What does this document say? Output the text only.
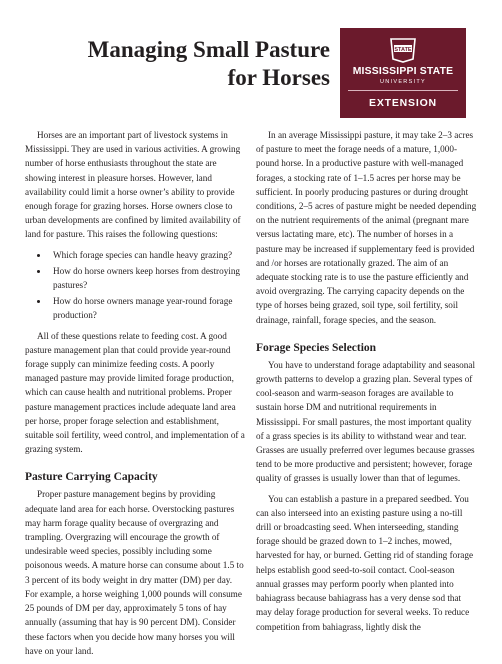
Managing Small Pasture
for Horses
STATE
MISSISSIPPI STATE
UNIVERSITY
EXTENSION

Horses are an important part of livestock systems in Mississippi. They are used in various activities. A growing number of horse enthusiasts throughout the state are showing interest in pleasure horses. However, land availability could limit a horse owner’s ability to provide enough forage for grazing horses. Horse owners close to urban developments are confined by limited availability of land for pasture. This raises the following questions:

• Which forage species can handle heavy grazing?
• How do horse owners keep horses from destroying pastures?
• How do horse owners manage year-round forage production?

All of these questions relate to feeding cost. A good pasture management plan that could provide year-round forage supply can minimize feeding costs. A poorly managed pasture may provide limited forage production, which can cause health and nutritional problems. Proper pasture management practices include adequate land area per horse, proper forage selection and establishment, suitable soil fertility, weed control, and implementation of a grazing system.

Pasture Carrying Capacity

Proper pasture management begins by providing adequate land area for each horse. Overstocking pastures may harm forage quality because of overgrazing and trampling. Overgrazing will encourage the growth of undesirable weed species, possibly including some poisonous weeds. A mature horse can consume about 1.5 to 3 percent of its body weight in dry matter (DM) per day. For example, a horse weighing 1,000 pounds will consume 25 pounds of DM per day, approximately 5 tons of hay annually (assuming that hay is 90 percent DM). Consider these factors when you decide how many horses you will have on your land.

In an average Mississippi pasture, it may take 2–3 acres of pasture to meet the forage needs of a mature, 1,000-pound horse. In a productive pasture with well-managed forages, a stocking rate of 1–1.5 acres per horse may be sufficient. In poorly producing pastures or during drought conditions, 2–5 acres of pasture might be needed depending on the nutrient requirements of the animal (pregnant mare versus lactating mare, etc). The number of horses in a pasture may be increased if supplementary feed is provided and /or horses are rotationally grazed. The aim of an adequate stocking rate is to use the pasture efficiently and avoid overgrazing. The carrying capacity depends on the type of horses being grazed, soil type, soil fertility, soil drainage, rainfall, forage species, and the season.

Forage Species Selection

You have to understand forage adaptability and seasonal growth patterns to develop a grazing plan. Several types of cool-season and warm-season forages are available to sustain horse DM and nutritional requirements in Mississippi. For small pastures, the most important quality of a grass species is its ability to withstand wear and tear. Grasses are usually preferred over legumes because grasses tend to be more productive and persistent; however, forage quality of grasses is usually lower than that of legumes.

You can establish a pasture in a prepared seedbed. You can also interseed into an existing pasture using a no-till drill or broadcasting seed. When interseeding, standing forage should be grazed down to 1–2 inches, mowed, harvested for hay, or burned. Getting rid of standing forage helps establish good seed-to-soil contact. Cool-season annual grasses may perform poorly when planted into bahiagrass because bahiagrass has a very dense sod that may delay forage production for several weeks. To reduce competition from bahiagrass, lightly disk the
